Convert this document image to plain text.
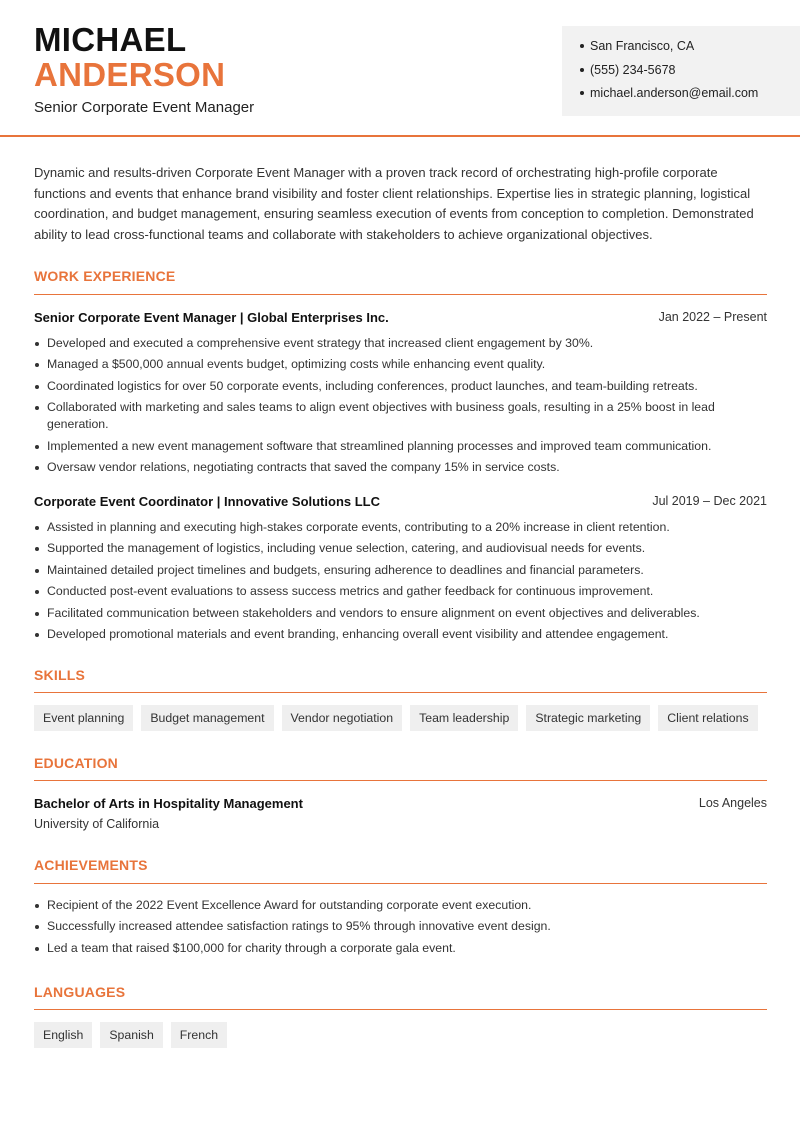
MICHAEL
ANDERSON
Senior Corporate Event Manager
San Francisco, CA
(555) 234-5678
michael.anderson@email.com
Dynamic and results-driven Corporate Event Manager with a proven track record of orchestrating high-profile corporate functions and events that enhance brand visibility and foster client relationships. Expertise lies in strategic planning, logistical coordination, and budget management, ensuring seamless execution of events from conception to completion. Demonstrated ability to lead cross-functional teams and collaborate with stakeholders to achieve organizational objectives.
WORK EXPERIENCE
Senior Corporate Event Manager | Global Enterprises Inc.	Jan 2022 – Present
Developed and executed a comprehensive event strategy that increased client engagement by 30%.
Managed a $500,000 annual events budget, optimizing costs while enhancing event quality.
Coordinated logistics for over 50 corporate events, including conferences, product launches, and team-building retreats.
Collaborated with marketing and sales teams to align event objectives with business goals, resulting in a 25% boost in lead generation.
Implemented a new event management software that streamlined planning processes and improved team communication.
Oversaw vendor relations, negotiating contracts that saved the company 15% in service costs.
Corporate Event Coordinator | Innovative Solutions LLC	Jul 2019 – Dec 2021
Assisted in planning and executing high-stakes corporate events, contributing to a 20% increase in client retention.
Supported the management of logistics, including venue selection, catering, and audiovisual needs for events.
Maintained detailed project timelines and budgets, ensuring adherence to deadlines and financial parameters.
Conducted post-event evaluations to assess success metrics and gather feedback for continuous improvement.
Facilitated communication between stakeholders and vendors to ensure alignment on event objectives and deliverables.
Developed promotional materials and event branding, enhancing overall event visibility and attendee engagement.
SKILLS
Event planning	Budget management	Vendor negotiation	Team leadership	Strategic marketing	Client relations
EDUCATION
Bachelor of Arts in Hospitality Management	Los Angeles
University of California
ACHIEVEMENTS
Recipient of the 2022 Event Excellence Award for outstanding corporate event execution.
Successfully increased attendee satisfaction ratings to 95% through innovative event design.
Led a team that raised $100,000 for charity through a corporate gala event.
LANGUAGES
English	Spanish	French
